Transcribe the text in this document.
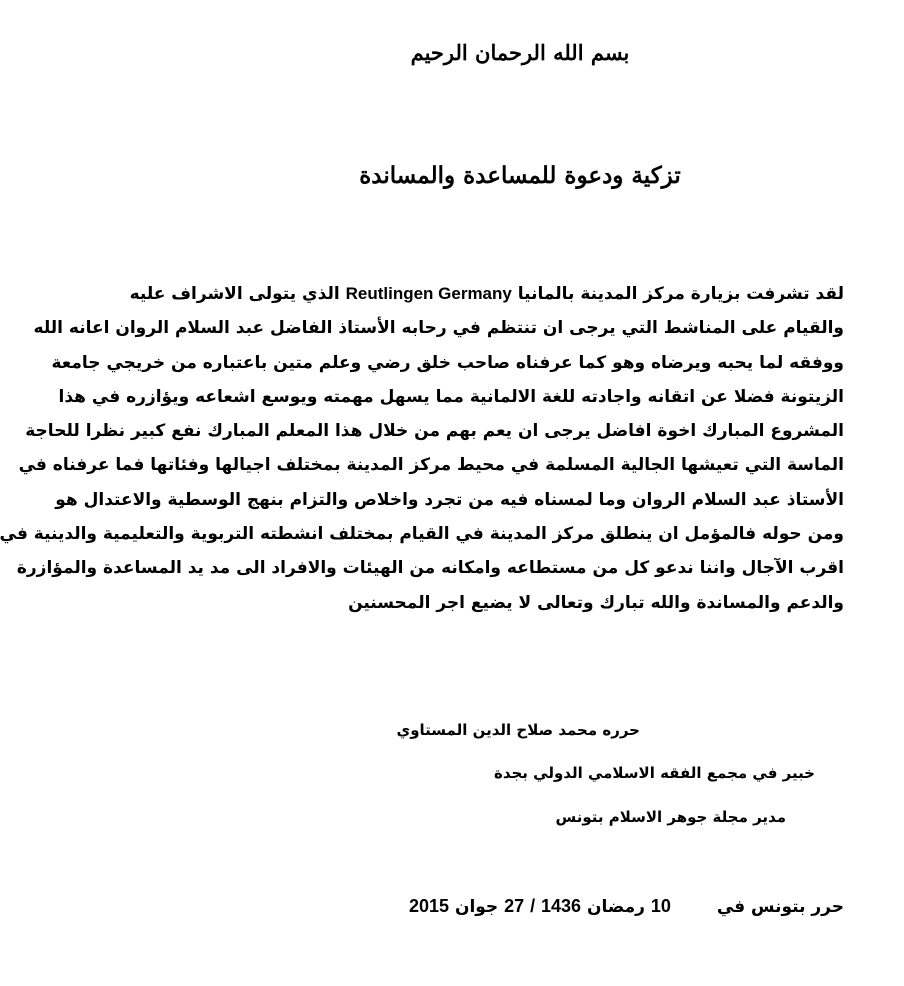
بسم الله الرحمان الرحيم
تزكية ودعوة للمساعدة والمساندة
لقد تشرفت بزيارة مركز المدينة بالمانيا Reutlingen Germany الذي يتولى الاشراف عليه
والقيام على المناشط التي يرجى ان تنتظم في رحابه الأستاذ الفاضل عبد السلام الروان اعانه الله
ووفقه لما يحبه ويرضاه وهو كما عرفناه صاحب خلق رضي وعلم متين باعتباره من خريجي جامعة
الزيتونة فضلا عن اتقانه واجادته للغة الالمانية مما يسهل مهمته ويوسع اشعاعه ويؤازره في هذا
المشروع المبارك اخوة افاضل يرجى ان يعم بهم من خلال هذا المعلم المبارك نفع كبير نظرا للحاجة
الماسة التي تعيشها الجالية المسلمة في محيط مركز المدينة بمختلف اجيالها وفئاتها فما عرفناه في
الأستاذ عبد السلام الروان وما لمسناه فيه من تجرد واخلاص والتزام بنهج الوسطية والاعتدال هو
ومن حوله فالمؤمل ان ينطلق مركز المدينة في القيام بمختلف انشطته التربوية والتعليمية والدينية في
اقرب الآجال واننا ندعو كل من مستطاعه وامكانه من الهيئات والافراد الى مد يد المساعدة والمؤازرة
والدعم والمساندة والله تبارك وتعالى لا يضيع اجر المحسنين
حرره محمد صلاح الدين المستاوي
خبير في مجمع الفقه الاسلامي الدولي بجدة
مدير مجلة جوهر الاسلام بتونس
حرر بتونس في 10 رمضان 1436 / 27 جوان 2015
